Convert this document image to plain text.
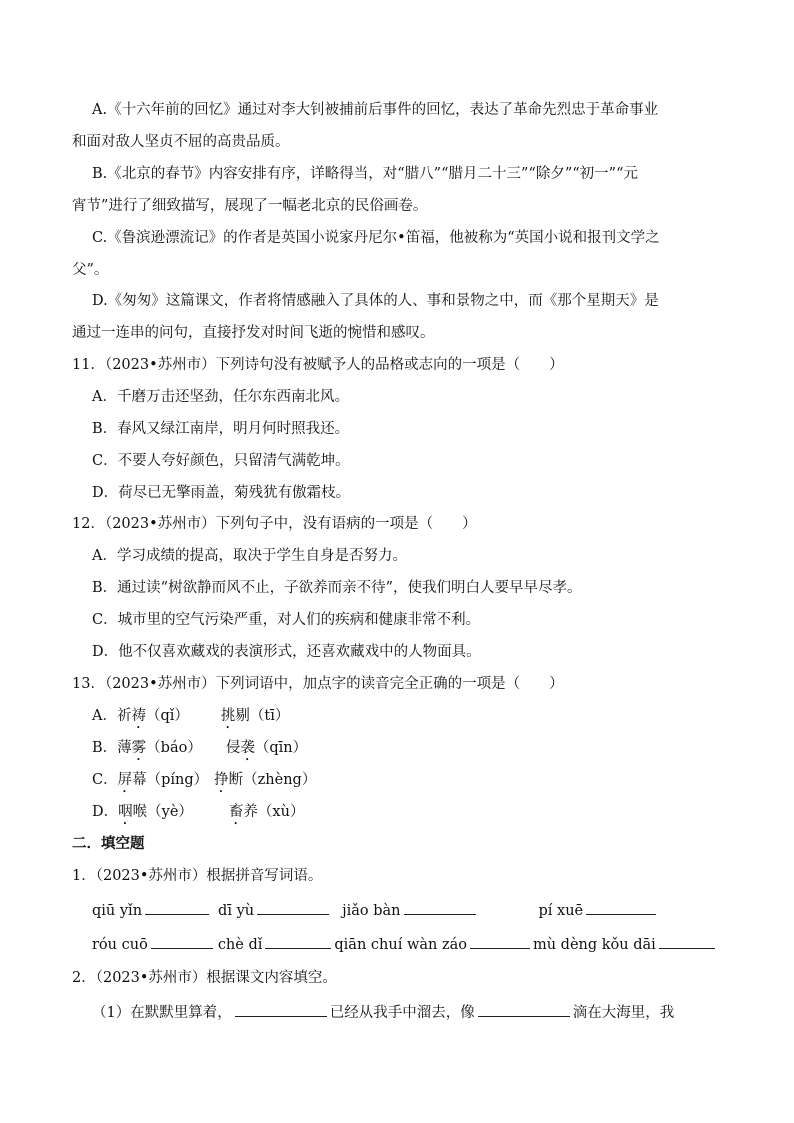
A.《十六年前的回忆》通过对李大钊被捕前后事件的回忆，表达了革命先烈忠于革命事业
和面对敌人坚贞不屈的高贵品质。
B.《北京的春节》内容安排有序，详略得当，对“腊八”“腊月二十三”“除夕”“初一”“元
宵节”进行了细致描写，展现了一幅老北京的民俗画卷。
C.《鲁滨逊漂流记》的作者是英国小说家丹尼尔•笛福，他被称为“英国小说和报刊文学之
父”。
D.《匆匆》这篇课文，作者将情感融入了具体的人、事和景物之中，而《那个星期天》是
通过一连串的问句，直接抒发对时间飞逝的惋惜和感叹。
11．（2023•苏州市）下列诗句没有被赋予人的品格或志向的一项是（　　）
A．千磨万击还坚劲，任尔东西南北风。
B．春风又绿江南岸，明月何时照我还。
C．不要人夸好颜色，只留清气满乾坤。
D．荷尽已无擎雨盖，菊残犹有傲霜枝。
12．（2023•苏州市）下列句子中，没有语病的一项是（　　）
A．学习成绩的提高，取决于学生自身是否努力。
B．通过读“树欲静而风不止，子欲养而亲不待”，使我们明白人要早早尽孝。
C．城市里的空气污染严重，对人们的疾病和健康非常不利。
D．他不仅喜欢藏戏的表演形式，还喜欢藏戏中的人物面具。
13．（2023•苏州市）下列词语中，加点字的读音完全正确的一项是（　　）
A．祈祷（qǐ） 挑剔（tī）
B．薄雾（báo） 侵袭（qīn）
C．屏幕（píng） 挣断（zhèng）
D．咽喉（yè） 畜养（xù）
二．填空题
1．（2023•苏州市）根据拼音写词语。
qiū yǐn	dī yù	jiǎo bàn	pí xuē
róu cuō	chè dǐ	qiān chuí wàn záo	mù dèng kǒu dāi
2．（2023•苏州市）根据课文内容填空。
（1）在默默里算着，	已经从我手中溜去，像	滴在大海里，我
